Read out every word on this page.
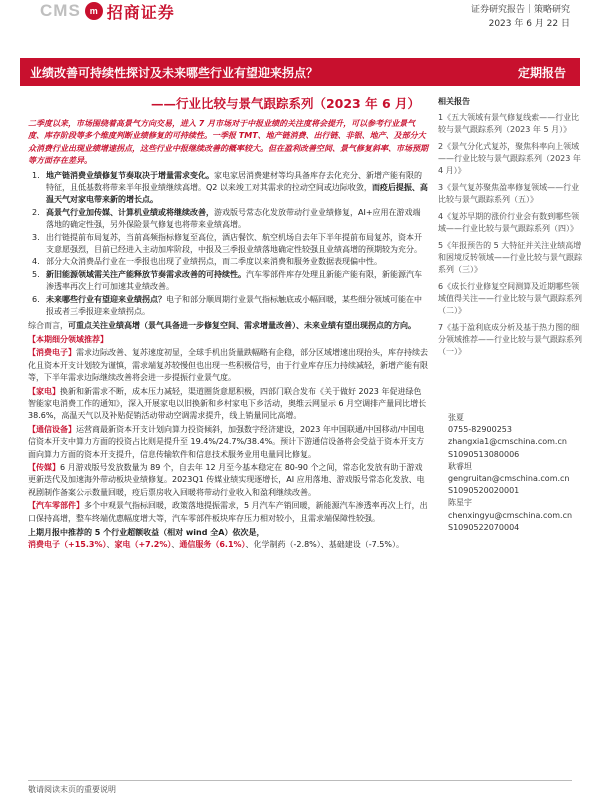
CMS m 招商证券	证券研究报告｜策略研究
2023 年 6 月 22 日
业绩改善可持续性探讨及未来哪些行业有望迎来拐点？	定期报告
——行业比较与景气跟踪系列（2023 年 6 月）
二季度以来，市场围绕着高景气方向交易，进入 7 月市场对于中报业绩的关注度将会提升，可以参考行业景气度、库存阶段等多个维度判断业绩修复的可持续性。一季报 TMT、地产链消费、出行链、非银、地产、及部分大众消费行业出现业绩增速拐点，这些行业中报继续改善的概率较大。但在盈利改善空间、景气修复斜率、市场预期等方面存在差异。
1. 地产链消费业绩修复节奏取决于增量需求变化。家电家居消费建材等均具备库存去化充分、新增产能有限的特征，且低基数将带来半年报业绩继续高增。Q2 以来竣工对其需求的拉动空间或边际收敛，而疫后提振、高温天气对家电带来新的增长点。
2. 高景气行业加传媒、计算机业绩或将继续改善，游戏版号常态化发放带动行业业绩修复，AI+应用在游戏端落地的确定性强，另外保险景气修复也将带来业绩高增。
3. 出行链提前布局复苏，当前高频指标修复至高位，酒店餐饮、航空机场自去年下半年提前布局复苏，资本开支意愿强烈，目前已经进入主动加库阶段，中报及三季报业绩落地确定性较强且业绩高增的预期较为充分。
4. 部分大众消费品行业在一季报也出现了业绩拐点，而二季度以来消费和服务业数据表现偏中性。
5. 新旧能源领域需关注产能释放节奏需求改善的可持续性。汽车零部件库存处理且新能产能有限，新能源汽车渗透率再次上行可加速其业绩改善。
6. 未来哪些行业有望迎来业绩拐点？电子和部分顺周期行业景气指标触底或小幅回暖，某些细分领域可能在中报或者三季报迎来业绩拐点。
综合而言，可重点关注业绩高增（景气具备进一步修复空间、需求增量改善）、未来业绩有望出现拐点的方向。
【本期细分领域推荐】
【消费电子】需求边际改善、复苏速度初显，全球手机出货量跌幅略有企稳，部分区域增速出现抬头，库存持续去化且资本开支计划较为谨慎，需求端复苏较慢但也出现一些积极信号，由于行业库存压力持续减轻，新增产能有限等，下半年需求边际继续改善将会进一步提振行业景气度。
【家电】换新和新需求不断，成本压力减轻，渠道圈货意愿积极，四部门联合发布《关于做好 2023 年促进绿色智能家电消费工作的通知》，深入开展家电以旧换新和乡村家电下乡活动，奥维云网显示 6 月空调排产量同比增长 38.6%，高温天气以及补贴促销活动带动空调需求提升，线上销量同比高增。
【通信设备】运营商最新资本开支计划向算力投资倾斜，加强数字经济建设，2023 年中国联通/中国移动/中国电信资本开支中算力方面的投资占比则是提升至 19.4%/24.7%/38.4%。预计下游通信设备将会受益于资本开支方面向算力方面的资本开支提升，信息传输软件和信息技术服务业用电量同比修复。
【传媒】6 月游戏版号发放数量为 89 个，自去年 12 月至今基本稳定在 80-90 个之间，常态化发放有助于游戏更新迭代及加速海外带动板块业绩修复。2023Q1 传媒业绩实现逐增长，AI 应用落地、游戏版号常态化发放、电视剧制作备案公示数量回暖，疫后票房收入回暖将带动行业收入和盈利继续改善。
【汽车零部件】多个中观景气指标回暖，政策落地提振需求，5 月汽车产销回暖，新能源汽车渗透率再次上行，出口保持高增，整车终端优惠幅度增大等，汽车零部件板块库存压力相对较小，且需求端保障性较强。
上期月报中推荐的 5 个行业超额收益（相对 wind 全A）依次是，
消费电子（+15.3%）、家电（+7.2%）、通信服务（6.1%）、化学制药（-2.8%）、基础建设（-7.5%）。
相关报告
1《五大领域有景气修复线索——行业比较与景气跟踪系列（2023 年 5 月）》
2《景气分化式复苏，聚焦科率向上领域——行业比较与景气跟踪系列（2023 年 4 月）》
3《景气复苏聚焦盈率修复领域——行业比较与景气跟踪系列（五）》
4《复苏早期的涨价行业会有数到哪些领域——行业比较与景气跟踪系列（四）》
5《年报预告的 5 大特征并关注业绩高增和困境反转领域——行业比较与景气跟踪系列（三）》
6《成长行业修复空间测算及近期哪些领域值得关注——行业比较与景气跟踪系列（二）》
7《基于盈利底成分析及基于热力图的细分领域推荐——行业比较与景气跟踪系列（一）》
张夏
0755-82900253
zhangxia1@cmschina.com.cn
S1090513080006
耿睿坦
gengruitan@cmschina.com.cn
S1090520020001
陈星宇
chenxingyu@cmschina.com.cn
S1090522070004
敬请阅读末页的重要说明
